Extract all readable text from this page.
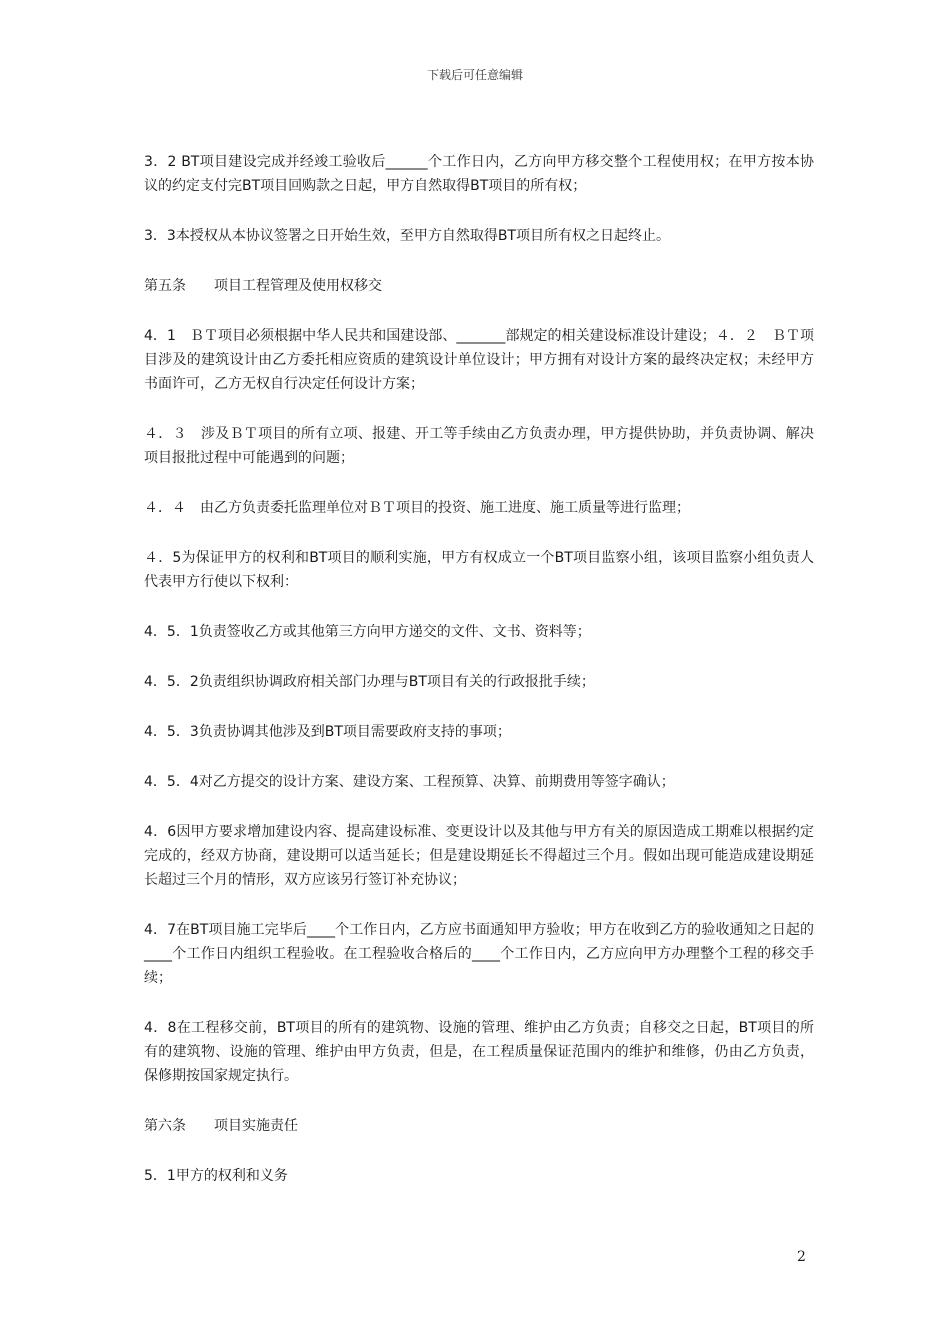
下载后可任意编辑

3．2 BT项目建设完成并经竣工验收后______个工作日内，乙方向甲方移交整个工程使用权；在甲方按本协议的约定支付完BT项目回购款之日起，甲方自然取得BT项目的所有权；

3．3本授权从本协议签署之日开始生效，至甲方自然取得BT项目所有权之日起终止。

第五条　　项目工程管理及使用权移交

4．1　ＢＴ项目必须根据中华人民共和国建设部、_______部规定的相关建设标准设计建设；４．２　ＢＴ项目涉及的建筑设计由乙方委托相应资质的建筑设计单位设计；甲方拥有对设计方案的最终决定权；未经甲方书面许可，乙方无权自行决定任何设计方案；

４．３　涉及ＢＴ项目的所有立项、报建、开工等手续由乙方负责办理，甲方提供协助，并负责协调、解决项目报批过程中可能遇到的问题；

４．４　由乙方负责委托监理单位对ＢＴ项目的投资、施工进度、施工质量等进行监理；

４．5为保证甲方的权利和BT项目的顺利实施，甲方有权成立一个BT项目监察小组，该项目监察小组负责人代表甲方行使以下权利：

4．5．1负责签收乙方或其他第三方向甲方递交的文件、文书、资料等；

4．5．2负责组织协调政府相关部门办理与BT项目有关的行政报批手续；

4．5．3负责协调其他涉及到BT项目需要政府支持的事项；

4．5．4对乙方提交的设计方案、建设方案、工程预算、决算、前期费用等签字确认；

4．6因甲方要求增加建设内容、提高建设标准、变更设计以及其他与甲方有关的原因造成工期难以根据约定完成的，经双方协商，建设期可以适当延长；但是建设期延长不得超过三个月。假如出现可能造成建设期延长超过三个月的情形，双方应该另行签订补充协议；

4．7在BT项目施工完毕后____个工作日内，乙方应书面通知甲方验收；甲方在收到乙方的验收通知之日起的____个工作日内组织工程验收。在工程验收合格后的____个工作日内，乙方应向甲方办理整个工程的移交手续；

4．8在工程移交前，BT项目的所有的建筑物、设施的管理、维护由乙方负责；自移交之日起，BT项目的所有的建筑物、设施的管理、维护由甲方负责，但是，在工程质量保证范围内的维护和维修，仍由乙方负责，保修期按国家规定执行。

第六条　　项目实施责任

5．1甲方的权利和义务

2
